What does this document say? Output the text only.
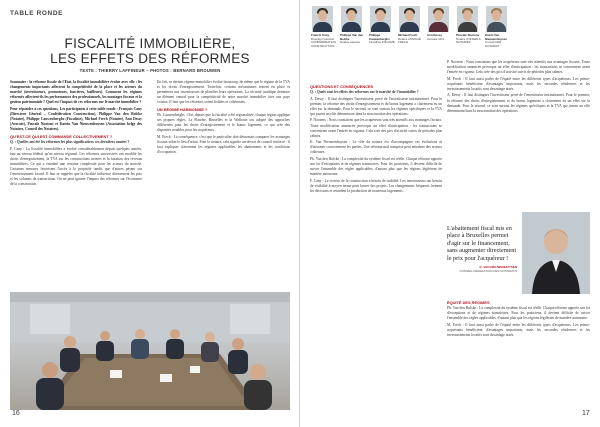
TABLE RONDE
FISCALITÉ IMMOBILIÈRE,
LES EFFETS DES RÉFORMES
TEXTE : THIERRY LAFFINEUR – PHOTOS : BERNARD BROUWEN

Sommaire : la réforme fiscale de l'État, la fiscalité immobilière évolue avec elle : les changements importants affectent la compétitivité de la place et les acteurs du marché (investisseurs, promoteurs, foncières, bailleurs). Comment les régimes réformés affectent-ils les performances des professionnels, les montages fiscaux et la gestion patrimoniale ? Quel est l'impact de ces réformes sur le marché immobilier ?

Pour répondre à ces questions, Les participants à cette table ronde : François Cany (Directeur Général – Confédération Construction), Philippe Van den Bulcke (Notaire), Philippe Cauwenberghs (Fiscaliste), Michael Frech (Notaire), Ann Dessy (Avocate), Pascale Nootens et Katrin Van Nieuwenhuysen (Association belge des Notaires, Conseil des Notaires).

QU'EST-CE QUI EST COMMANDE COLLECTIVEMENT ?

Q. : Quelles ont été les réformes les plus significatives ces dernières années ?

F. Cany : La fiscalité immobilière a évolué considérablement depuis quelques années, tant au niveau fédéral qu'au niveau régional. Les réformes successives ont modifié les droits d'enregistrement, la TVA sur les constructions neuves et la taxation des revenus immobiliers. Ce qui a entraîné une certaine complexité pour les acteurs du marché. Certaines mesures favorisent l'accès à la propriété tandis que d'autres pèsent sur l'investissement locatif. Il faut se rappeler que la fiscalité influence directement les prix et les volumes de transactions. On ne peut ignorer l'impact des réformes sur l'économie de la construction.

En fait, ce dernier régime immobilier évolue beaucoup, de même que le régime de la TVA et les droits d'enregistrement. Toutefois, certains mécanismes restent en place et permettent aux investisseurs de planifier leurs opérations. La sécurité juridique demeure un élément central pour la compétitivité de notre marché immobilier face aux pays voisins. Il faut que les réformes soient lisibles et cohérentes.

UN RÉGIME HARMONISÉ ?

Ph. Cauwenberghs : Oui, depuis que la fiscalité a été régionalisée, chaque région applique ses propres règles. La Flandre, Bruxelles et la Wallonie ont adopté des approches différentes pour les droits d'enregistrement et le bonus logement, ce qui crée des disparités notables pour les acquéreurs.

M. Frech : La conséquence, c'est que le particulier doit désormais comparer les avantages fiscaux selon le lieu d'achat. Pour le notaire, cela signifie un devoir de conseil renforcé : il faut expliquer clairement les régimes applicables, les abattements et les conditions d'occupation.

16
Francis Cany
Directeur Général CONFÉDÉRATION CONSTRUCTION
Philippe Van den Bulcke
Notaire associé
Philippe Cauwenberghs
Fiscaliste FISCAMB
Michael Frech
Notaire ASSOCIÉ FRECH
Ann Dessy
Avocate GFS
Pascale Nootens
Notaire CONSEILS NOTAIRES
Katrin Van Nieuwenhuysen
Conseil FED NOTARIAT
QUESTIONS ET CONSÉQUENCES

Q. : Quels sont les effets des réformes sur le marché de l'immobilier ?

A. Dessy : Il faut distinguer l'investisseur privé de l'investisseur institutionnel. Pour le premier, la réforme des droits d'enregistrement et du bonus logement a clairement eu un effet sur la demande. Pour le second, ce sont surtout les régimes spécifiques et la TVA qui jouent un rôle déterminant dans la structuration des opérations.

P. Nootens : Nous constatons que les acquéreurs sont très attentifs aux avantages fiscaux. Toute modification annoncée provoque un effet d'anticipation : les transactions se concentrent avant l'entrée en vigueur. Cela crée des pics d'activité suivis de périodes plus calmes.

K. Van Nieuwenhuysen : Le rôle du notaire est d'accompagner ces évolutions et d'informer correctement les parties. Une réforme mal comprise peut entraîner des erreurs coûteuses.

Ph. Van den Bulcke : La complexité du système fiscal est réelle. Chaque réforme apporte son lot d'exceptions et de régimes transitoires. Pour les praticiens, il devient difficile de suivre l'ensemble des règles applicables, d'autant plus que les régions légifèrent de manière autonome.

F. Cany : Le secteur de la construction a besoin de stabilité. Les investisseurs ont besoin de visibilité à moyen terme pour lancer des projets. Les changements fréquents freinent les décisions et retardent la production de nouveaux logements.

P. Nootens : Nous constatons que les acquéreurs sont très attentifs aux avantages fiscaux. Toute modification annoncée provoque un effet d'anticipation : les transactions se concentrent avant l'entrée en vigueur. Cela crée des pics d'activité suivis de périodes plus calmes.

M. Frech : Il faut aussi parler de l'équité entre les différents types d'acquéreurs. Les primo-acquérants bénéficient d'avantages importants, mais les secondes résidences et les investissements locatifs sont davantage taxés.

A. Dessy : Il faut distinguer l'investisseur privé de l'investisseur institutionnel. Pour le premier, la réforme des droits d'enregistrement et du bonus logement a clairement eu un effet sur la demande. Pour le second, ce sont surtout les régimes spécifiques et la TVA qui jouent un rôle déterminant dans la structuration des opérations.

L'abattement fiscal mis en place à Bruxelles permet d'agir sur le financement, sans augmenter directement le prix pour l'acquéreur !
K. VAN NIEUWENHUYSEN
CONSEIL FÉDÉRATION DES NOTARIATS
ÉQUITÉ DES RÉGIMES

Ph. Van den Bulcke : La complexité du système fiscal est réelle. Chaque réforme apporte son lot d'exceptions et de régimes transitoires. Pour les praticiens, il devient difficile de suivre l'ensemble des règles applicables, d'autant plus que les régions légifèrent de manière autonome.

M. Frech : Il faut aussi parler de l'équité entre les différents types d'acquéreurs. Les primo-acquérants bénéficient d'avantages importants, mais les secondes résidences et les investissements locatifs sont davantage taxés.

17
